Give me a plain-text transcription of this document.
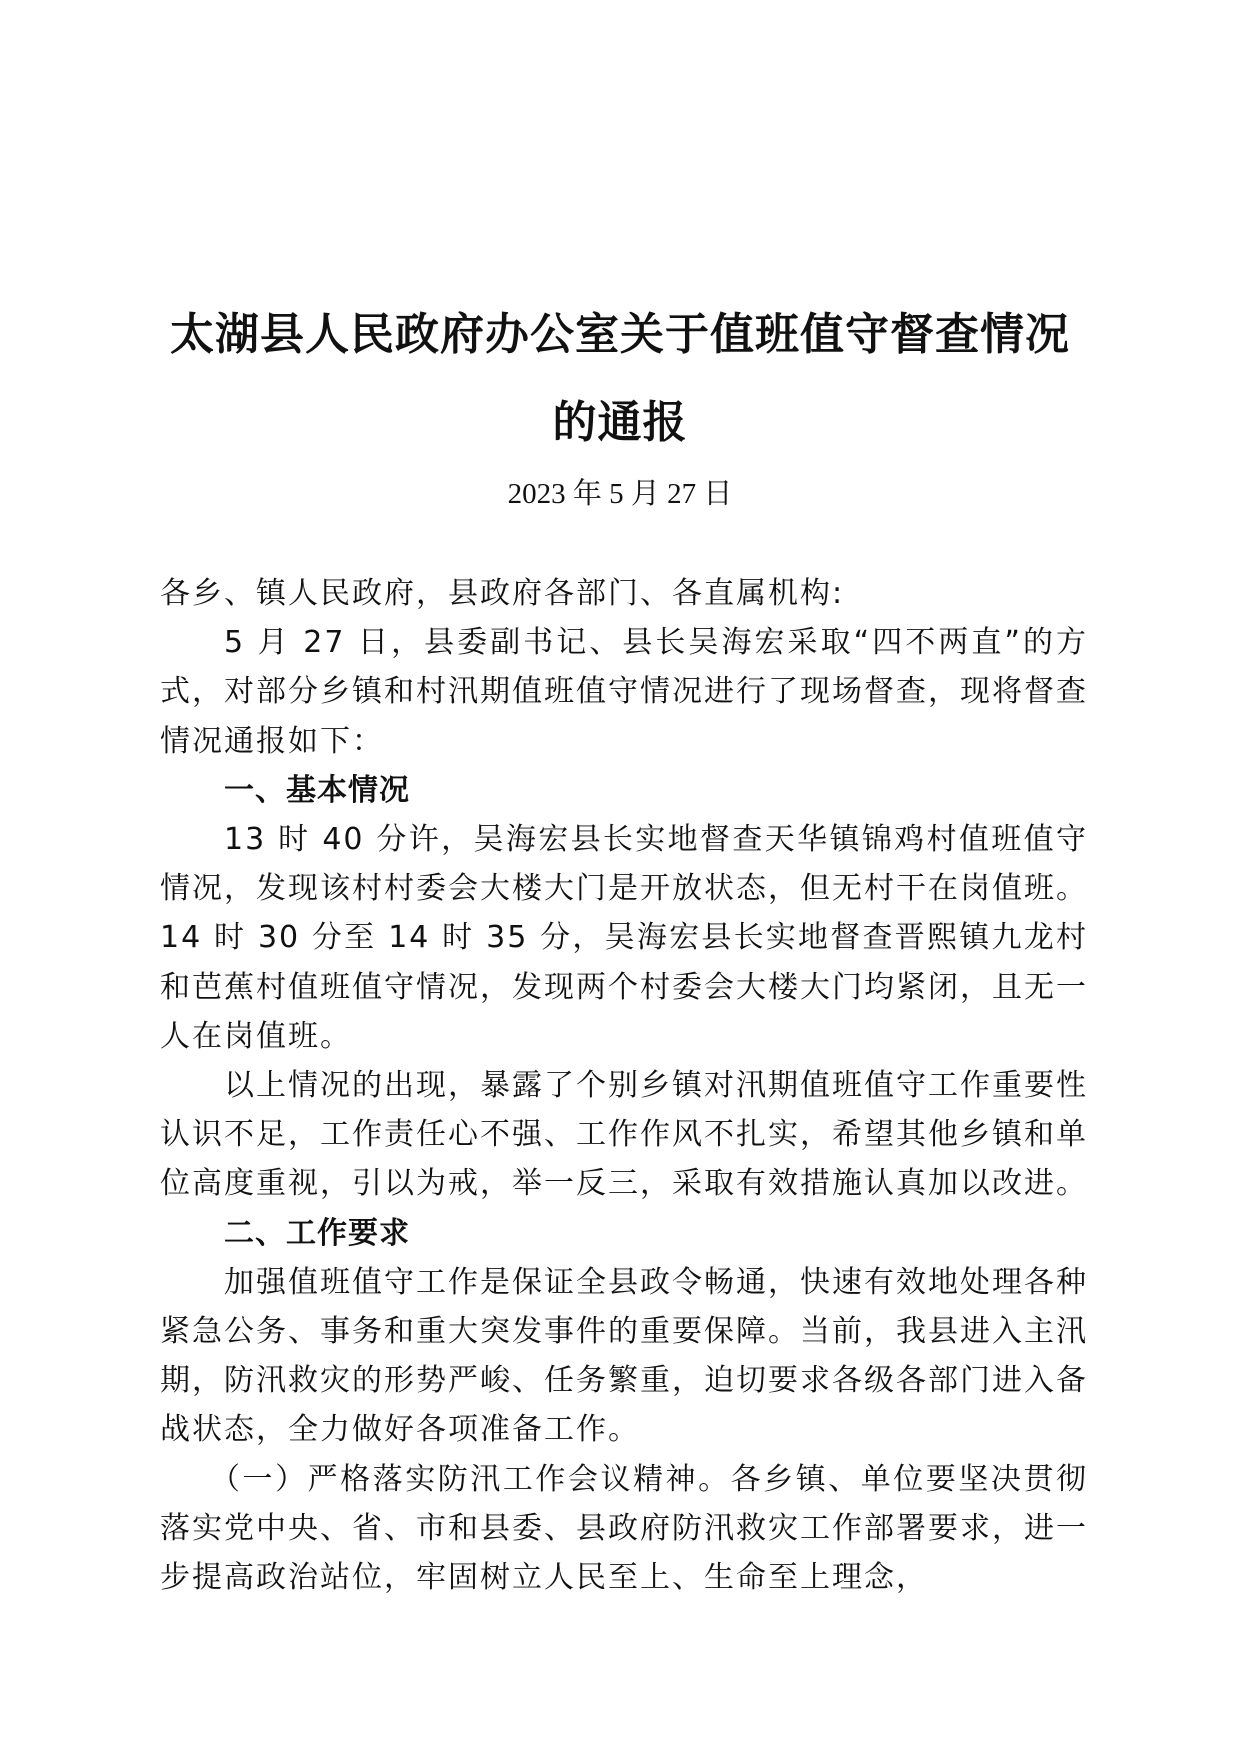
太湖县人民政府办公室关于值班值守督查情况
的通报

2023 年 5 月 27 日

各乡、镇人民政府，县政府各部门、各直属机构:

5 月 27 日，县委副书记、县长吴海宏采取“四不两直”的方式，对部分乡镇和村汛期值班值守情况进行了现场督查，现将督查情况通报如下：

一、基本情况

13 时 40 分许，吴海宏县长实地督查天华镇锦鸡村值班值守情况，发现该村村委会大楼大门是开放状态，但无村干在岗值班。14 时 30 分至 14 时 35 分，吴海宏县长实地督查晋熙镇九龙村和芭蕉村值班值守情况，发现两个村委会大楼大门均紧闭，且无一人在岗值班。

以上情况的出现，暴露了个别乡镇对汛期值班值守工作重要性认识不足，工作责任心不强、工作作风不扎实，希望其他乡镇和单位高度重视，引以为戒，举一反三，采取有效措施认真加以改进。

二、工作要求

加强值班值守工作是保证全县政令畅通，快速有效地处理各种紧急公务、事务和重大突发事件的重要保障。当前，我县进入主汛期，防汛救灾的形势严峻、任务繁重，迫切要求各级各部门进入备战状态，全力做好各项准备工作。

（一）严格落实防汛工作会议精神。各乡镇、单位要坚决贯彻落实党中央、省、市和县委、县政府防汛救灾工作部署要求，进一步提高政治站位，牢固树立人民至上、生命至上理念，
